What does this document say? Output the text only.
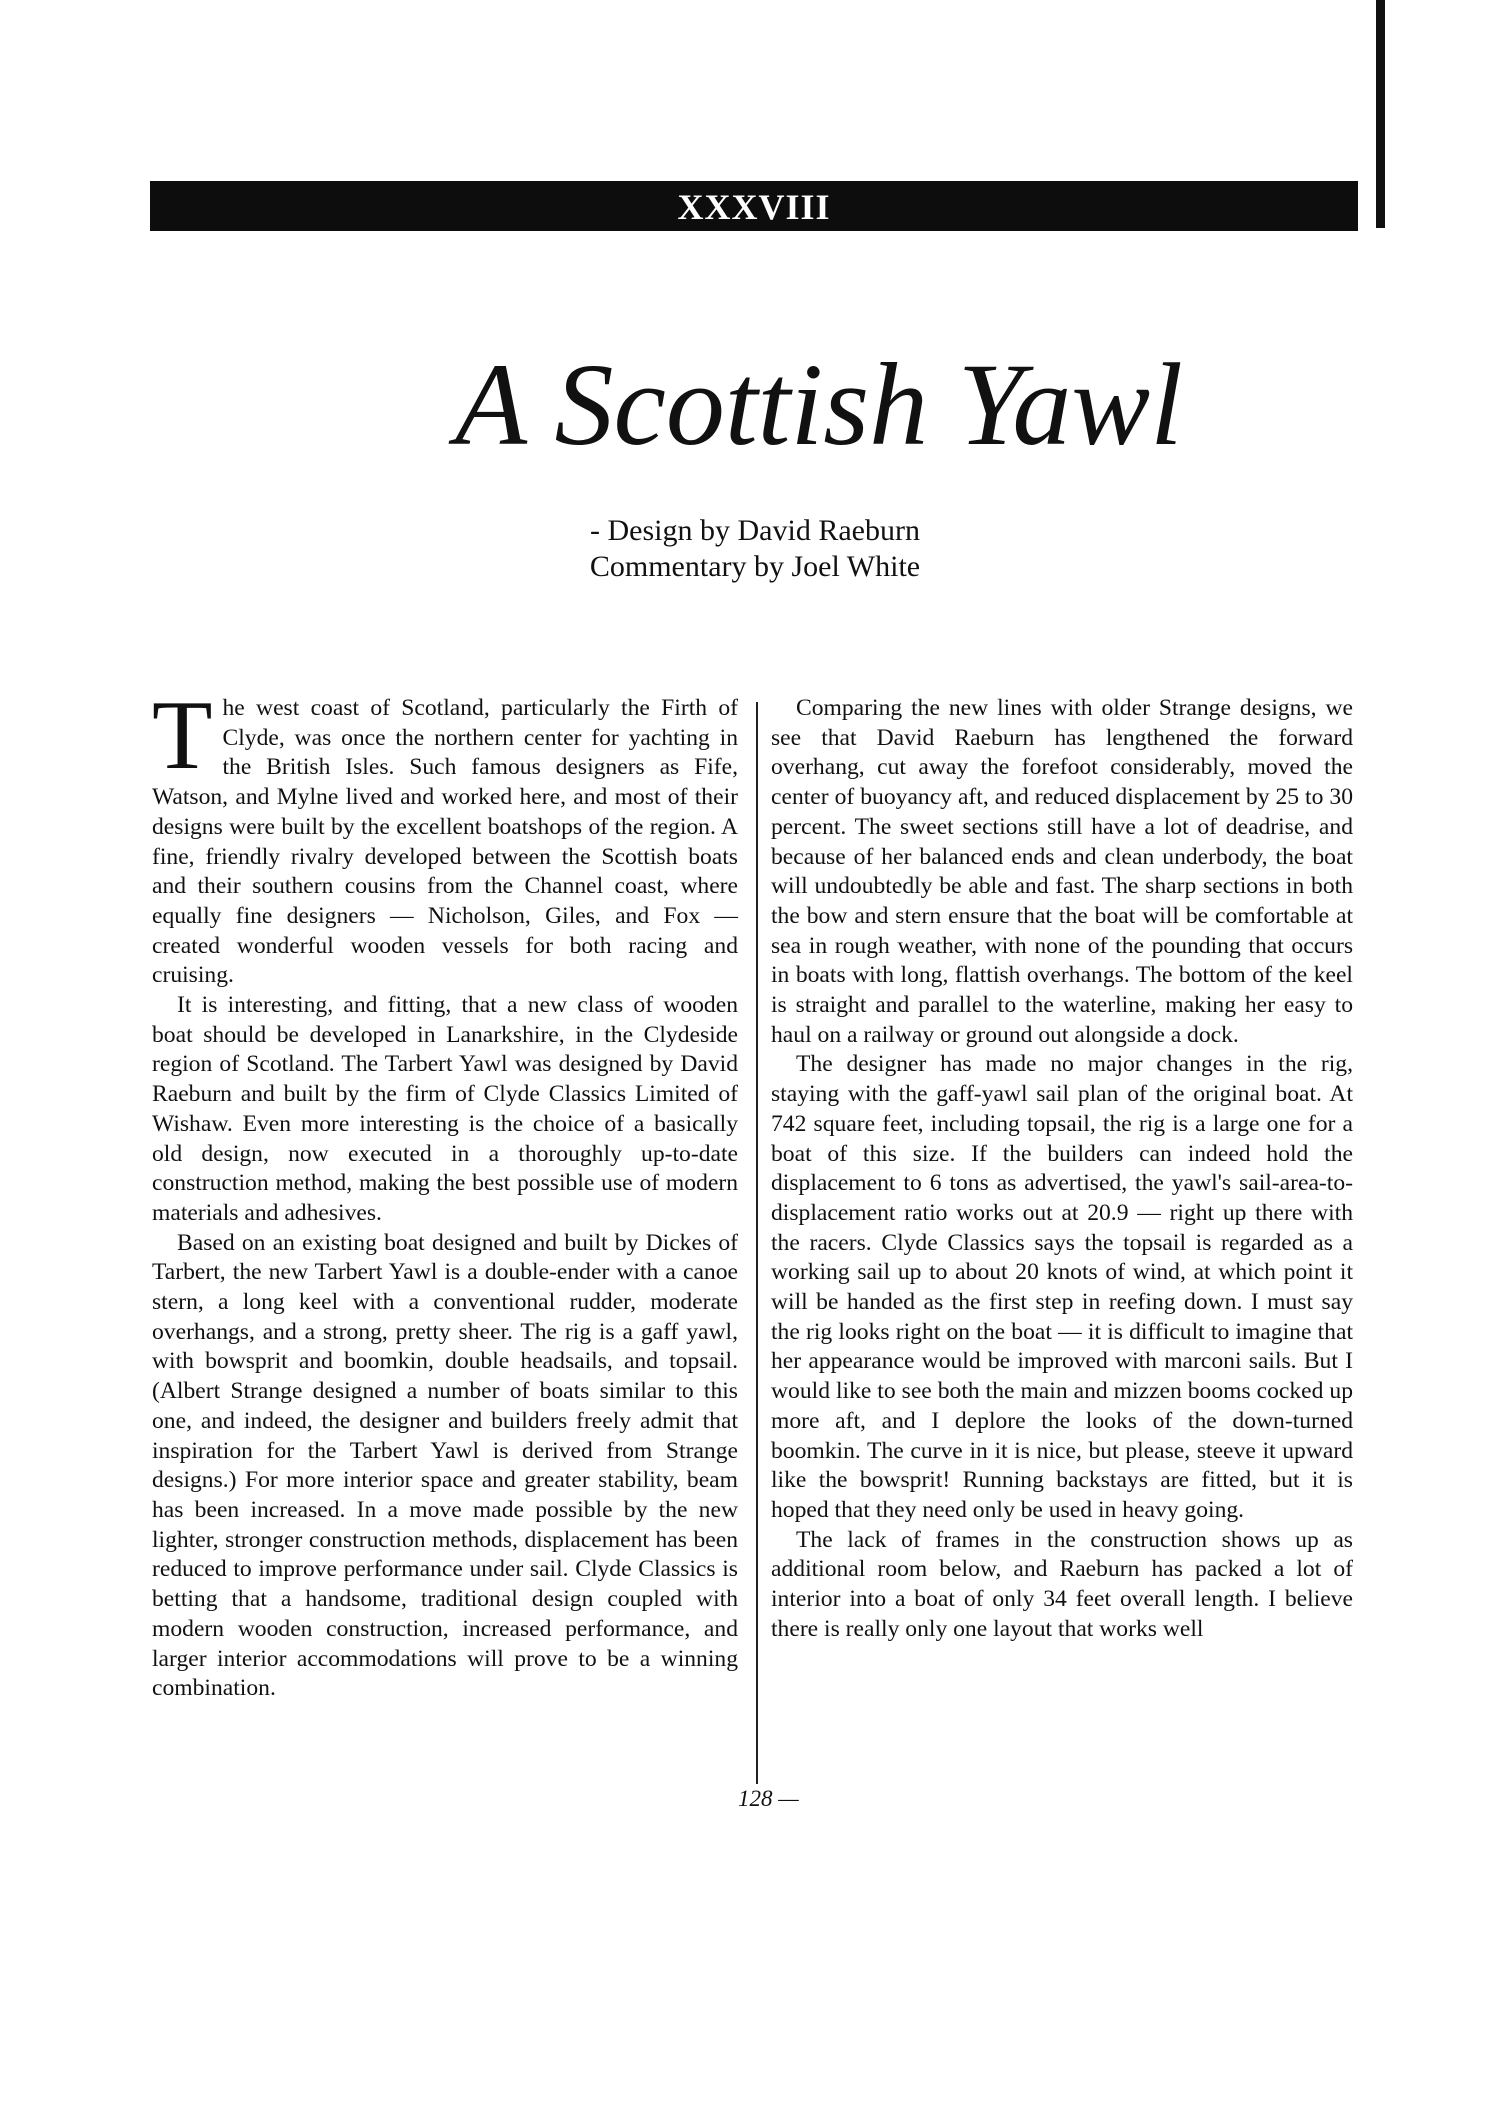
XXXVIII
A Scottish Yawl
- Design by David Raeburn
Commentary by Joel White

The west coast of Scotland, particularly the Firth of Clyde, was once the northern center for yachting in the British Isles. Such famous designers as Fife, Watson, and Mylne lived and worked here, and most of their designs were built by the excellent boatshops of the region. A fine, friendly rivalry developed between the Scottish boats and their southern cousins from the Channel coast, where equally fine designers — Nicholson, Giles, and Fox — created wonderful wooden vessels for both racing and cruising.

It is interesting, and fitting, that a new class of wooden boat should be developed in Lanarkshire, in the Clydeside region of Scotland. The Tarbert Yawl was designed by David Raeburn and built by the firm of Clyde Classics Limited of Wishaw. Even more interesting is the choice of a basically old design, now executed in a thoroughly up-to-date construction method, making the best possible use of modern materials and adhesives.

Based on an existing boat designed and built by Dickes of Tarbert, the new Tarbert Yawl is a double-ender with a canoe stern, a long keel with a conventional rudder, moderate overhangs, and a strong, pretty sheer. The rig is a gaff yawl, with bowsprit and boomkin, double headsails, and topsail. (Albert Strange designed a number of boats similar to this one, and indeed, the designer and builders freely admit that inspiration for the Tarbert Yawl is derived from Strange designs.) For more interior space and greater stability, beam has been increased. In a move made possible by the new lighter, stronger construction methods, displacement has been reduced to improve performance under sail. Clyde Classics is betting that a handsome, traditional design coupled with modern wooden construction, increased performance, and larger interior accommodations will prove to be a winning combination.

Comparing the new lines with older Strange designs, we see that David Raeburn has lengthened the forward overhang, cut away the forefoot considerably, moved the center of buoyancy aft, and reduced displacement by 25 to 30 percent. The sweet sections still have a lot of deadrise, and because of her balanced ends and clean underbody, the boat will undoubtedly be able and fast. The sharp sections in both the bow and stern ensure that the boat will be comfortable at sea in rough weather, with none of the pounding that occurs in boats with long, flattish overhangs. The bottom of the keel is straight and parallel to the waterline, making her easy to haul on a railway or ground out alongside a dock.

The designer has made no major changes in the rig, staying with the gaff-yawl sail plan of the original boat. At 742 square feet, including topsail, the rig is a large one for a boat of this size. If the builders can indeed hold the displacement to 6 tons as advertised, the yawl's sail-area-to-displacement ratio works out at 20.9 — right up there with the racers. Clyde Classics says the topsail is regarded as a working sail up to about 20 knots of wind, at which point it will be handed as the first step in reefing down. I must say the rig looks right on the boat — it is difficult to imagine that her appearance would be improved with marconi sails. But I would like to see both the main and mizzen booms cocked up more aft, and I deplore the looks of the down-turned boomkin. The curve in it is nice, but please, steeve it upward like the bowsprit! Running backstays are fitted, but it is hoped that they need only be used in heavy going.

The lack of frames in the construction shows up as additional room below, and Raeburn has packed a lot of interior into a boat of only 34 feet overall length. I believe there is really only one layout that works well

128 —
